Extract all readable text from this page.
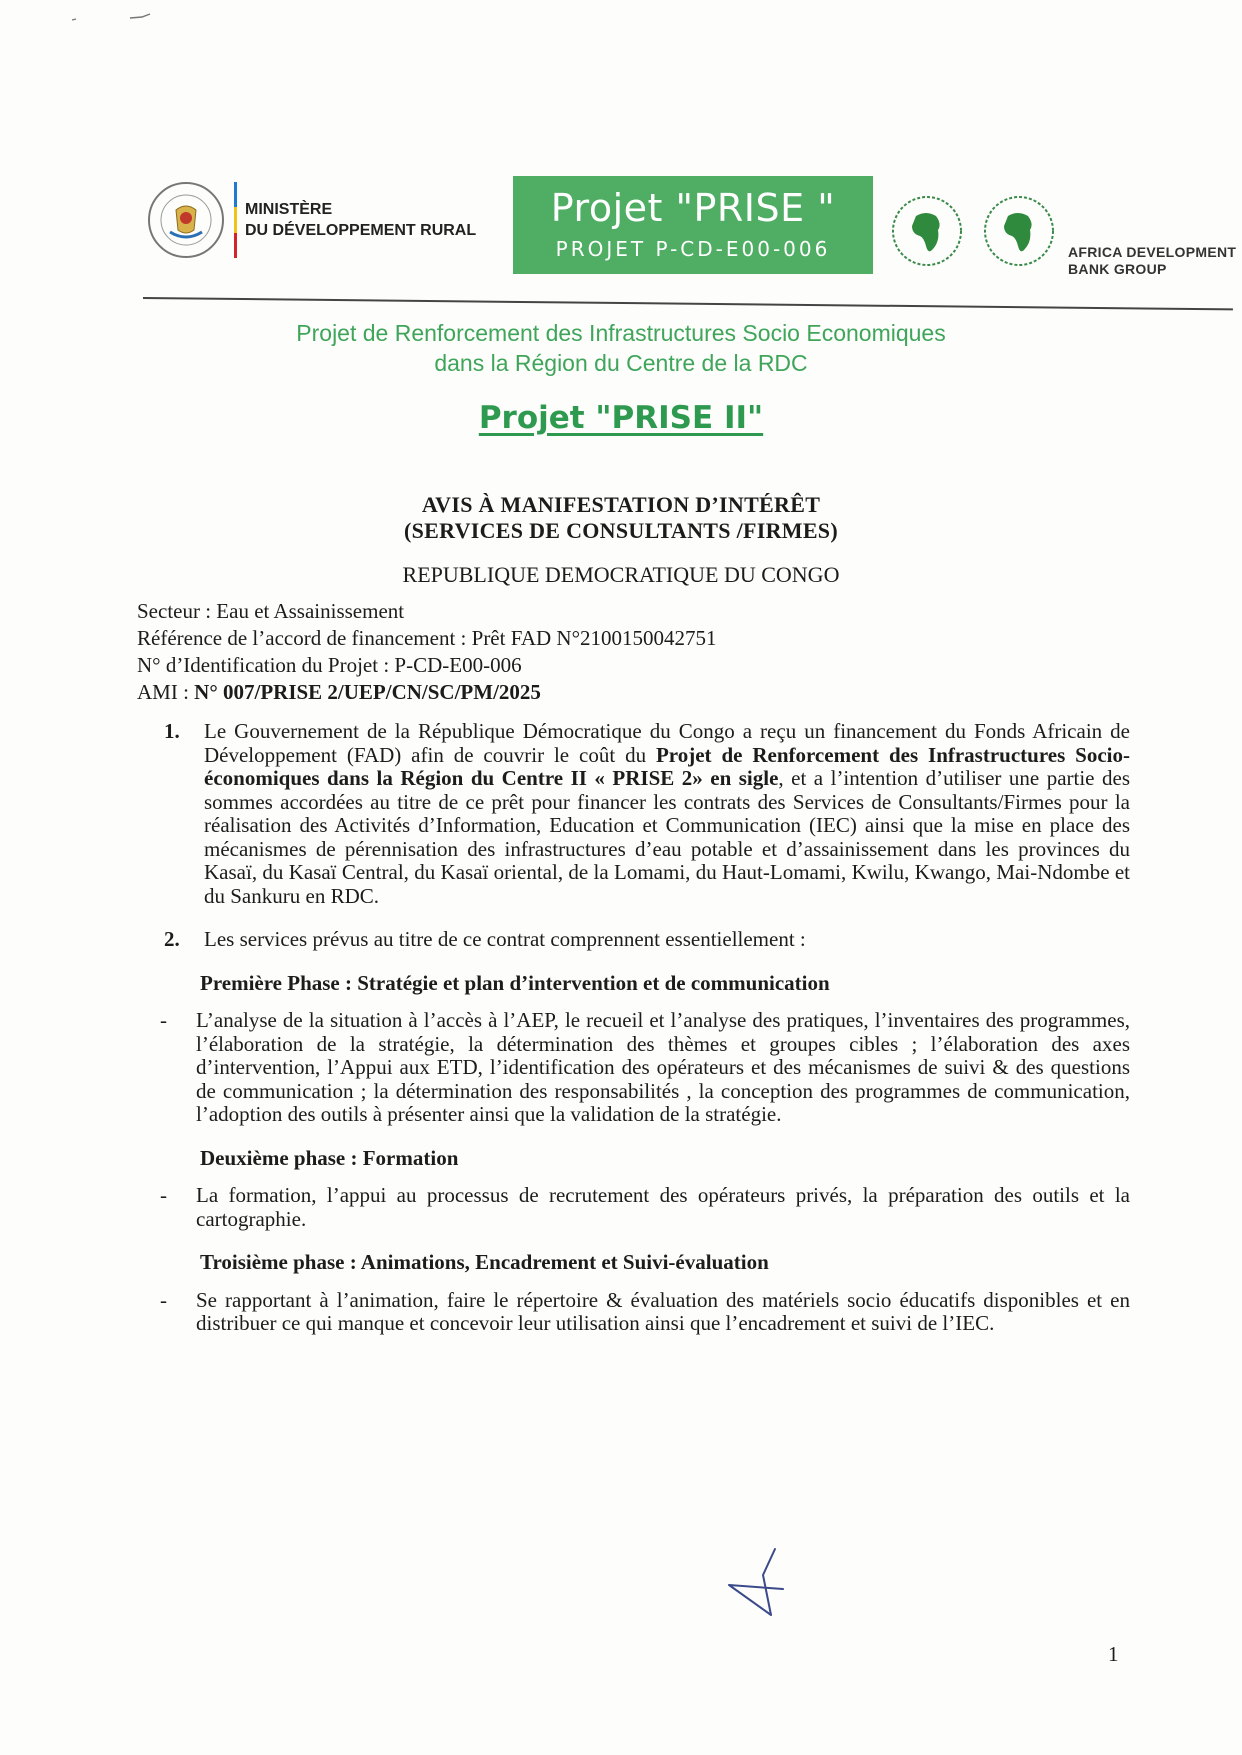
MINISTÈRE
DU DÉVELOPPEMENT RURAL
Projet "PRISE "
PROJET P-CD-E00-006	AFRICA DEVELOPMENT
BANK GROUP
Projet de Renforcement des Infrastructures Socio Economiques
dans la Région du Centre de la RDC
Projet "PRISE II"
AVIS À MANIFESTATION D’INTÉRÊT
(SERVICES DE CONSULTANTS /FIRMES)
REPUBLIQUE DEMOCRATIQUE DU CONGO
Secteur : Eau et Assainissement
Référence de l’accord de financement : Prêt FAD N°2100150042751
N° d’Identification du Projet : P-CD-E00-006
AMI : N° 007/PRISE 2/UEP/CN/SC/PM/2025
1. Le Gouvernement de la République Démocratique du Congo a reçu un financement du Fonds Africain de Développement (FAD) afin de couvrir le coût du Projet de Renforcement des Infrastructures Socio-économiques dans la Région du Centre II « PRISE 2» en sigle, et a l’intention d’utiliser une partie des sommes accordées au titre de ce prêt pour financer les contrats des Services de Consultants/Firmes pour la réalisation des Activités d’Information, Education et Communication (IEC) ainsi que la mise en place des mécanismes de pérennisation des infrastructures d’eau potable et d’assainissement dans les provinces du Kasaï, du Kasaï Central, du Kasaï oriental, de la Lomami, du Haut-Lomami, Kwilu, Kwango, Mai-Ndombe et du Sankuru en RDC.
2. Les services prévus au titre de ce contrat comprennent essentiellement :
Première Phase : Stratégie et plan d’intervention et de communication
- L’analyse de la situation à l’accès à l’AEP, le recueil et l’analyse des pratiques, l’inventaires des programmes, l’élaboration de la stratégie, la détermination des thèmes et groupes cibles ; l’élaboration des axes d’intervention, l’Appui aux ETD, l’identification des opérateurs et des mécanismes de suivi & des questions de communication ; la détermination des responsabilités , la conception des programmes de communication, l’adoption des outils à présenter ainsi que la validation de la stratégie.
Deuxième phase : Formation
- La formation, l’appui au processus de recrutement des opérateurs privés, la préparation des outils et la cartographie.
Troisième phase : Animations, Encadrement et Suivi-évaluation
- Se rapportant à l’animation, faire le répertoire & évaluation des matériels socio éducatifs disponibles et en distribuer ce qui manque et concevoir leur utilisation ainsi que l’encadrement et suivi de l’IEC.
1
